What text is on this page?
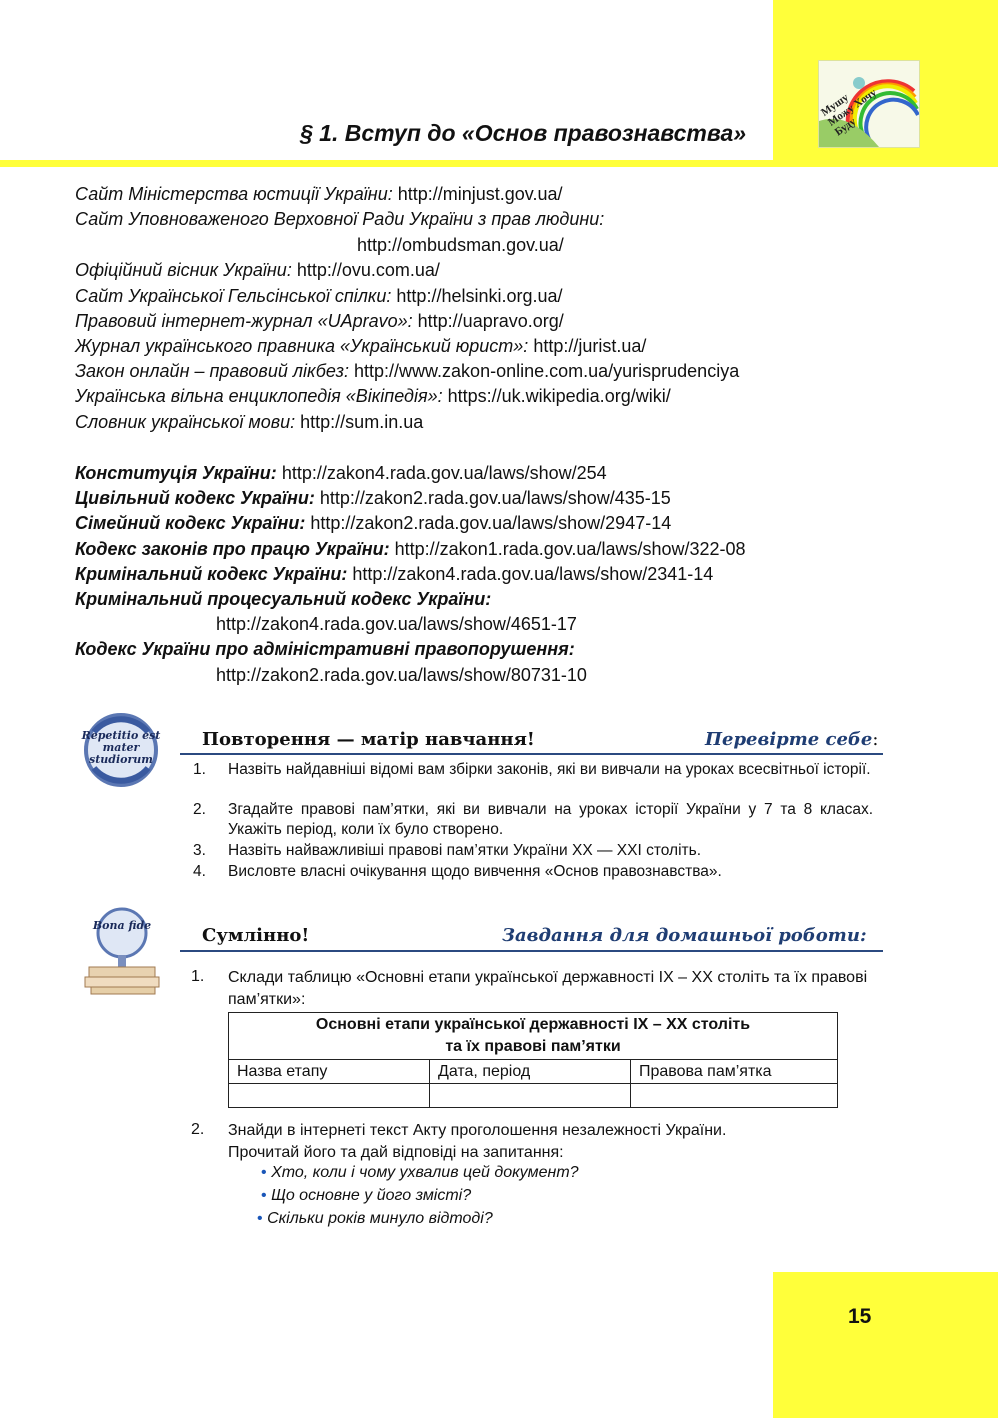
Мушу Можу Хочу Буду
§ 1. Вступ до «Основ правознавства»
Сайт Міністерства юстиції України: http://minjust.gov.ua/
Сайт Уповноваженого Верховної Ради України з прав людини:
http://ombudsman.gov.ua/
Офіційний вісник України: http://ovu.com.ua/
Сайт Української Гельсінської спілки: http://helsinki.org.ua/
Правовий інтернет-журнал «UApravo»: http://uapravo.org/
Журнал українського правника «Український юрист»: http://jurist.ua/
Закон онлайн – правовий лікбез: http://www.zakon-online.com.ua/yurisprudenciya
Українська вільна енциклопедія «Вікіпедія»: https://uk.wikipedia.org/wiki/
Словник української мови: http://sum.in.ua
Конституція України: http://zakon4.rada.gov.ua/laws/show/254
Цивільний кодекс України: http://zakon2.rada.gov.ua/laws/show/435-15
Сімейний кодекс України: http://zakon2.rada.gov.ua/laws/show/2947-14
Кодекс законів про працю України: http://zakon1.rada.gov.ua/laws/show/322-08
Кримінальний кодекс України: http://zakon4.rada.gov.ua/laws/show/2341-14
Кримінальний процесуальний кодекс України:
http://zakon4.rada.gov.ua/laws/show/4651-17
Кодекс України про адміністративні правопорушення:
http://zakon2.rada.gov.ua/laws/show/80731-10
Repetitio est mater studiorum
Повторення — матір навчання!	Перевірте себе:
1. Назвіть найдавніші відомі вам збірки законів, які ви вивчали на уроках всесвітньої історії.
2. Згадайте правові пам’ятки, які ви вивчали на уроках історії України у 7 та 8 класах. Укажіть період, коли їх було створено.
3. Назвіть найважливіші правові пам’ятки України ХХ — ХХІ століть.
4. Висловте власні очікування щодо вивчення «Основ правознавства».
Bona fide	Сумлінно!	Завдання для домашньої роботи:
1. Склади таблицю «Основні етапи української державності ІХ – ХХ століть та їх правові пам’ятки»:
Основні етапи української державності ІХ – ХХ століть
та їх правові пам’ятки		

Назва етапу	Дата, період	Правова пам’ятка

2. Знайди в інтернеті текст Акту проголошення незалежності України.
Прочитай його та дай відповіді на запитання:
• Хто, коли і чому ухвалив цей документ?
• Що основне у його змісті?
• Скільки років минуло відтоді?
15
